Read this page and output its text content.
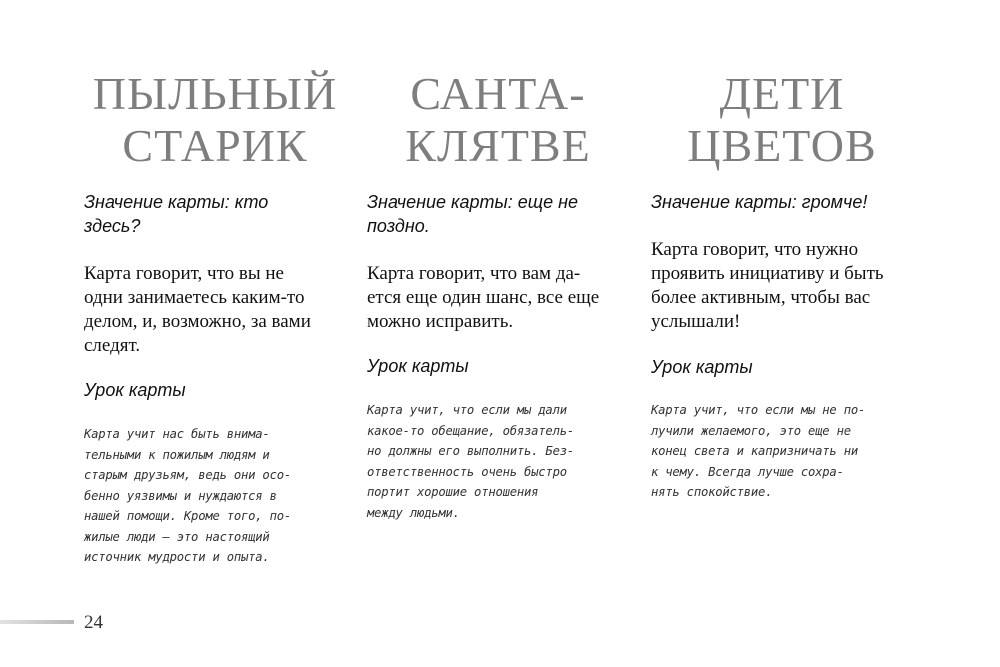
ПЫЛЬНЫЙ
СТАРИК
Значение карты: кто
здесь?
Карта говорит, что вы не
одни занимаетесь каким-то
делом, и, возможно, за вами
следят.
Урок карты
Карта учит нас быть внима-
тельными к пожилым людям и
старым друзьям, ведь они осо-
бенно уязвимы и нуждаются в
нашей помощи. Кроме того, по-
жилые люди — это настоящий
источник мудрости и опыта.
САНТА-
КЛЯТВЕ
Значение карты: еще не
поздно.
Карта говорит, что вам да-
ется еще один шанс, все еще
можно исправить.
Урок карты
Карта учит, что если мы дали
какое-то обещание, обязатель-
но должны его выполнить. Без-
ответственность очень быстро
портит хорошие отношения
между людьми.
ДЕТИ
ЦВЕТОВ
Значение карты: громче!
Карта говорит, что нужно
проявить инициативу и быть
более активным, чтобы вас
услышали!
Урок карты
Карта учит, что если мы не по-
лучили желаемого, это еще не
конец света и капризничать ни
к чему. Всегда лучше сохра-
нять спокойствие.
24
